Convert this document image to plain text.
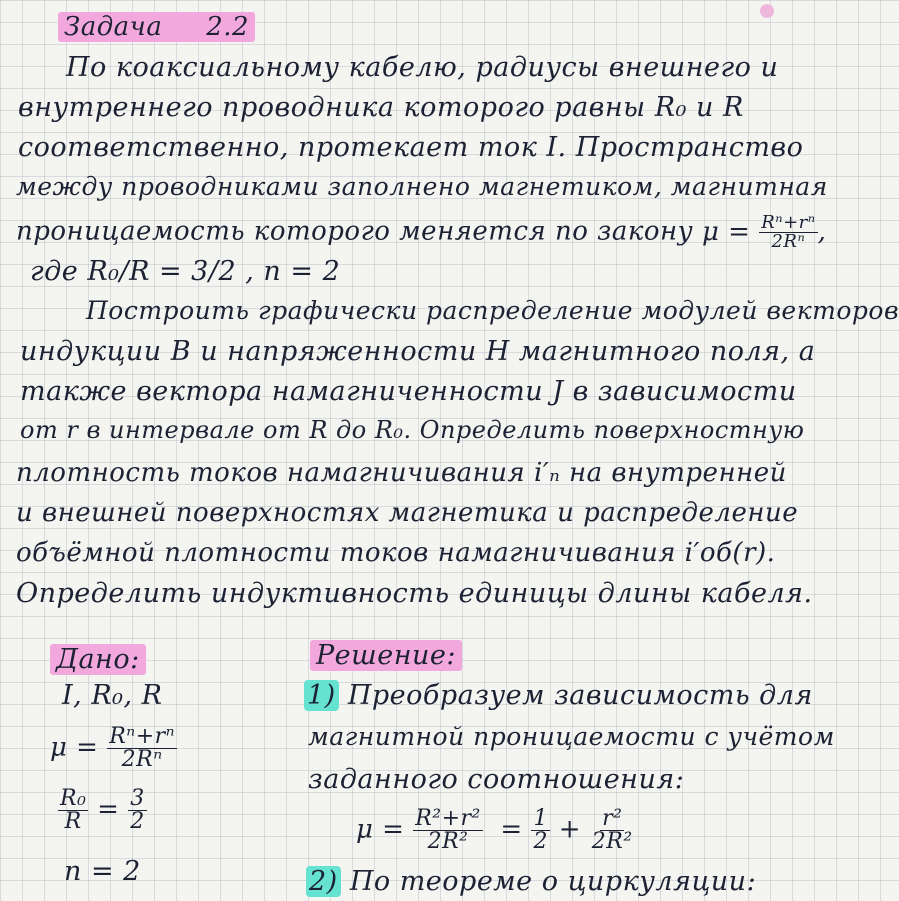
Задача 2.2
По коаксиальному кабелю, радиусы внешнего и
внутреннего проводника которого равны R₀ и R
соответственно, протекает ток I. Пространство
между проводниками заполнено магнетиком, магнитная
проницаемость которого меняется по закону $\mu = \frac{\text{Rⁿ+rⁿ}}{\text{2Rⁿ}}$ ,
где R₀/R = 3/2 , n = 2
Построить графически распределение модулей векторов
индукции B и напряженности H магнитного поля, а
также вектора намагниченности J в зависимости
от r в интервале от R до R₀. Определить поверхностную
плотность токов намагничивания i′ₙ на внутренней
и внешней поверхностях магнетика и распределение
объёмной плотности токов намагничивания i′об(r).
Определить индуктивность единицы длины кабеля.
Дано:
I, R₀, R
$\mu = \frac{\text{Rⁿ+rⁿ}}{\text{2Rⁿ}}$
$\frac{\text{R₀}}{R} = \frac{3}{2}$
n = 2
Решение:
1) Преобразуем зависимость для
магнитной проницаемости с учётом
заданного соотношения:
$\mu = \frac{\text{R²+r²}}{\text{2R²}} = \frac{1}{2} + \frac{\text{r²}}{\text{2R²}}$
2) По теореме о циркуляции:
